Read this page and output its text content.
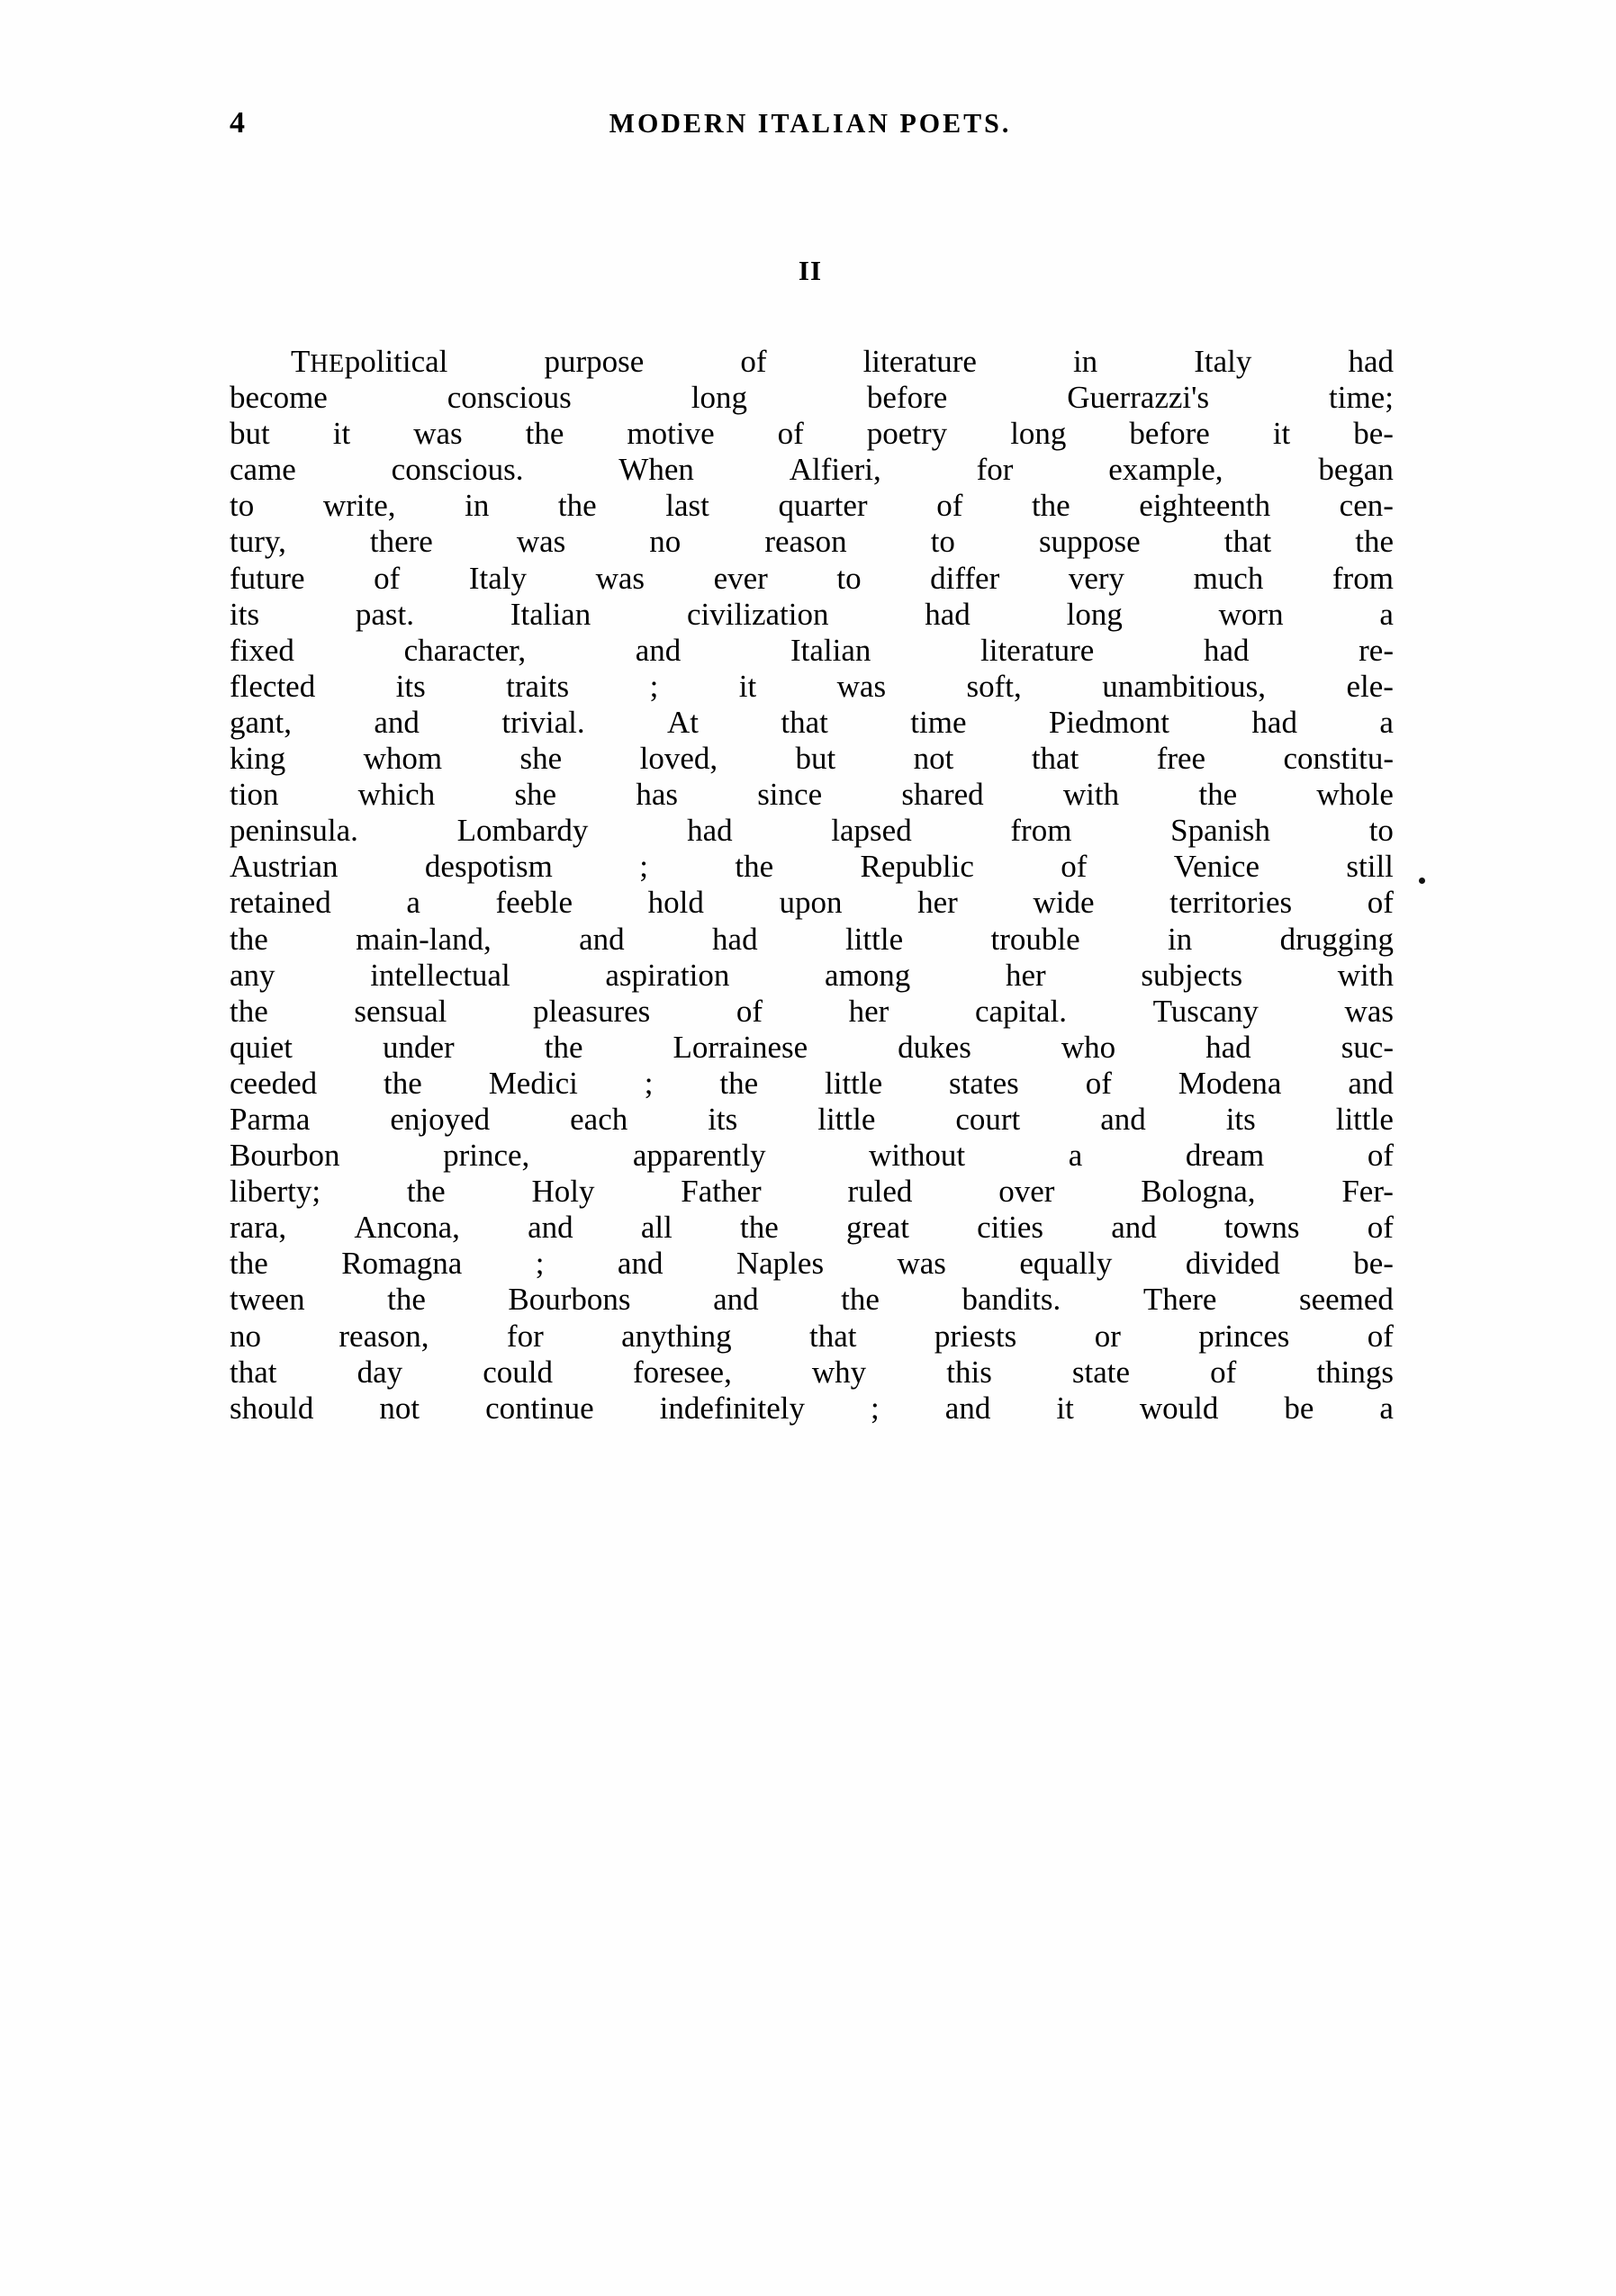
4	MODERN ITALIAN POETS.
II
THE political	purpose	of	literature	in	Italy	had
become	conscious	long	before	Guerrazzi's	time;
but it was the motive of poetry long before it be-
came	conscious.	When	Alfieri,	for	example,	began
to write, in the last quarter of the eighteenth cen-
tury,	there	was	no	reason	to	suppose	that	the
future of Italy was ever to differ very much from
its	past.	Italian	civilization	had	long	worn	a
fixed	character,	and	Italian	literature	had	re-
flected	its	traits	;	it	was	soft,	unambitious,	ele-
gant,	and	trivial.	At	that	time	Piedmont	had	a
king whom she loved, but not that free constitu-
tion	which	she	has	since	shared	with	the	whole
peninsula.	Lombardy	had	lapsed	from	Spanish	to
Austrian	despotism	;	the	Republic	of	Venice	still
retained a feeble hold upon her wide territories of
the	main-land,	and	had	little	trouble	in	drugging
any	intellectual	aspiration	among	her	subjects	with
the	sensual	pleasures	of	her	capital.	Tuscany	was
quiet	under	the	Lorrainese	dukes	who	had	suc-
ceeded the Medici ; the little states of Modena and
Parma	enjoyed	each	its	little	court	and	its	little
Bourbon	prince,	apparently	without	a	dream	of
liberty;	the	Holy	Father	ruled	over	Bologna,	Fer-
rara, Ancona, and all the great cities and towns of
the Romagna ; and Naples was equally divided be-
tween	the	Bourbons	and	the	bandits.	There	seemed
no reason, for anything that priests or princes of
that	day	could	foresee,	why	this	state	of	things
should not continue indefinitely ; and it would be a
